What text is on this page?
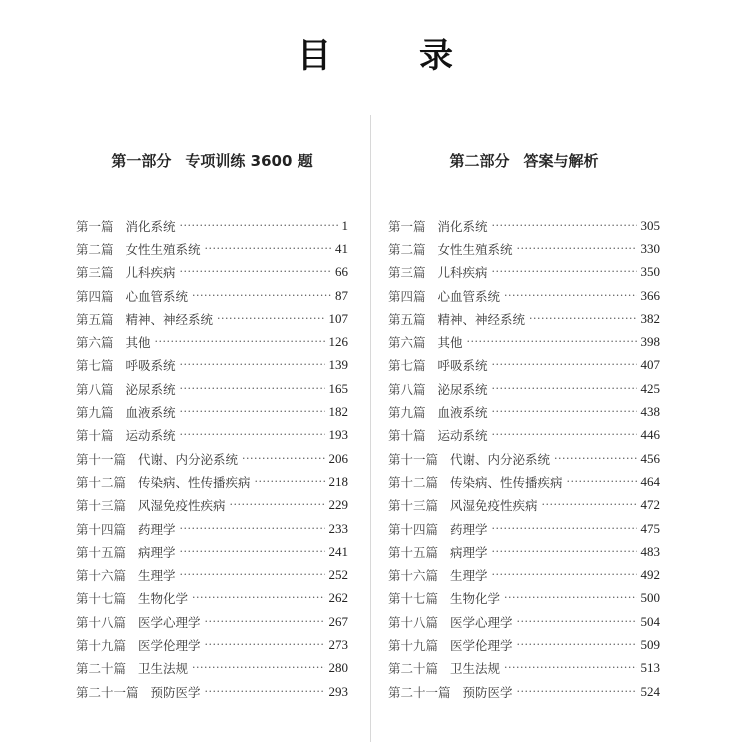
目	录
第一部分 专项训练 3600 题
第一篇 消化系统 ·····	1
第二篇 女性生殖系统 ·····	41
第三篇 儿科疾病 ·····	66
第四篇 心血管系统 ·····	87
第五篇 精神、神经系统 ·····	107
第六篇 其他 ·····	126
第七篇 呼吸系统 ·····	139
第八篇 泌尿系统 ·····	165
第九篇 血液系统 ·····	182
第十篇 运动系统 ·····	193
第十一篇 代谢、内分泌系统 ·····	206
第十二篇 传染病、性传播疾病 ·····	218
第十三篇 风湿免疫性疾病 ·····	229
第十四篇 药理学 ·····	233
第十五篇 病理学 ·····	241
第十六篇 生理学 ·····	252
第十七篇 生物化学 ·····	262
第十八篇 医学心理学 ·····	267
第十九篇 医学伦理学 ·····	273
第二十篇 卫生法规 ·····	280
第二十一篇 预防医学 ·····	293
第二部分 答案与解析
第一篇 消化系统 ·····	305
第二篇 女性生殖系统 ·····	330
第三篇 儿科疾病 ·····	350
第四篇 心血管系统 ·····	366
第五篇 精神、神经系统 ·····	382
第六篇 其他 ·····	398
第七篇 呼吸系统 ·····	407
第八篇 泌尿系统 ·····	425
第九篇 血液系统 ·····	438
第十篇 运动系统 ·····	446
第十一篇 代谢、内分泌系统 ·····	456
第十二篇 传染病、性传播疾病 ·····	464
第十三篇 风湿免疫性疾病 ·····	472
第十四篇 药理学 ·····	475
第十五篇 病理学 ·····	483
第十六篇 生理学 ·····	492
第十七篇 生物化学 ·····	500
第十八篇 医学心理学 ·····	504
第十九篇 医学伦理学 ·····	509
第二十篇 卫生法规 ·····	513
第二十一篇 预防医学 ·····	524
